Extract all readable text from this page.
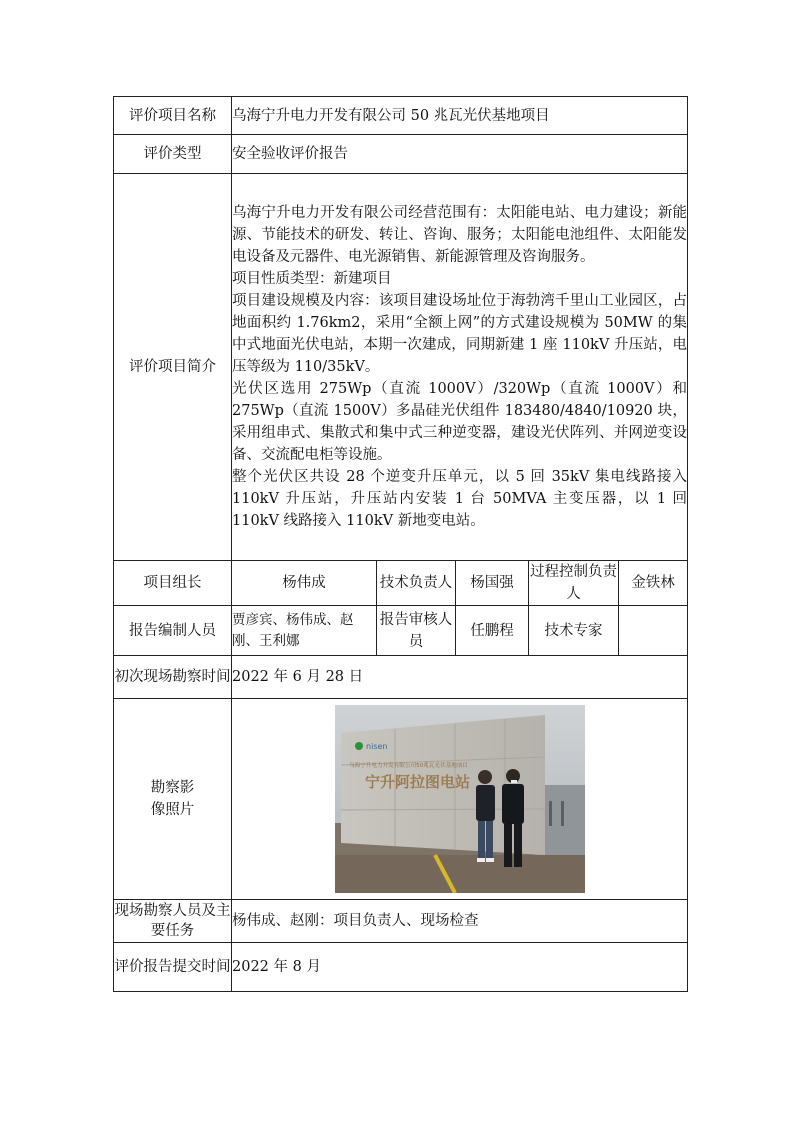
评价项目名称	乌海宁升电力开发有限公司 50 兆瓦光伏基地项目				
评价类型	安全验收评价报告				
评价项目简介	乌海宁升电力开发有限公司经营范围有：太阳能电站、电力建设；新能源、节能技术的研发、转让、咨询、服务；太阳能电池组件、太阳能发电设备及元器件、电光源销售、新能源管理及咨询服务。

项目性质类型：新建项目

项目建设规模及内容：该项目建设场址位于海勃湾千里山工业园区，占地面积约 1.76km2，采用“全额上网”的方式建设规模为 50MW 的集中式地面光伏电站，本期一次建成，同期新建 1 座 110kV 升压站，电压等级为 110/35kV。

光伏区选用 275Wp（直流 1000V）/320Wp（直流 1000V）和 275Wp（直流 1500V）多晶硅光伏组件 183480/4840/10920 块，采用组串式、集散式和集中式三种逆变器，建设光伏阵列、并网逆变设备、交流配电柜等设施。

整个光伏区共设 28 个逆变升压单元，以 5 回 35kV 集电线路接入 110kV 升压站，升压站内安装 1 台 50MVA 主变压器，以 1 回 110kV 线路接入 110kV 新地变电站。				

项目组长	杨伟成	技术负责人	杨国强	过程控制负责人	金铁林
报告编制人员	贾彦宾、杨伟成、赵刚、王利娜	报告审核人员	任鹏程	技术专家	
初次现场勘察时间	2022 年 6 月 28 日				
勘察影像照片	nisen
乌海宁升电力开发有限公司50兆瓦光伏基地项目
宁升阿拉图电站				

现场勘察人员及主要任务	杨伟成、赵刚：项目负责人、现场检查				
评价报告提交时间	2022 年 8 月				
